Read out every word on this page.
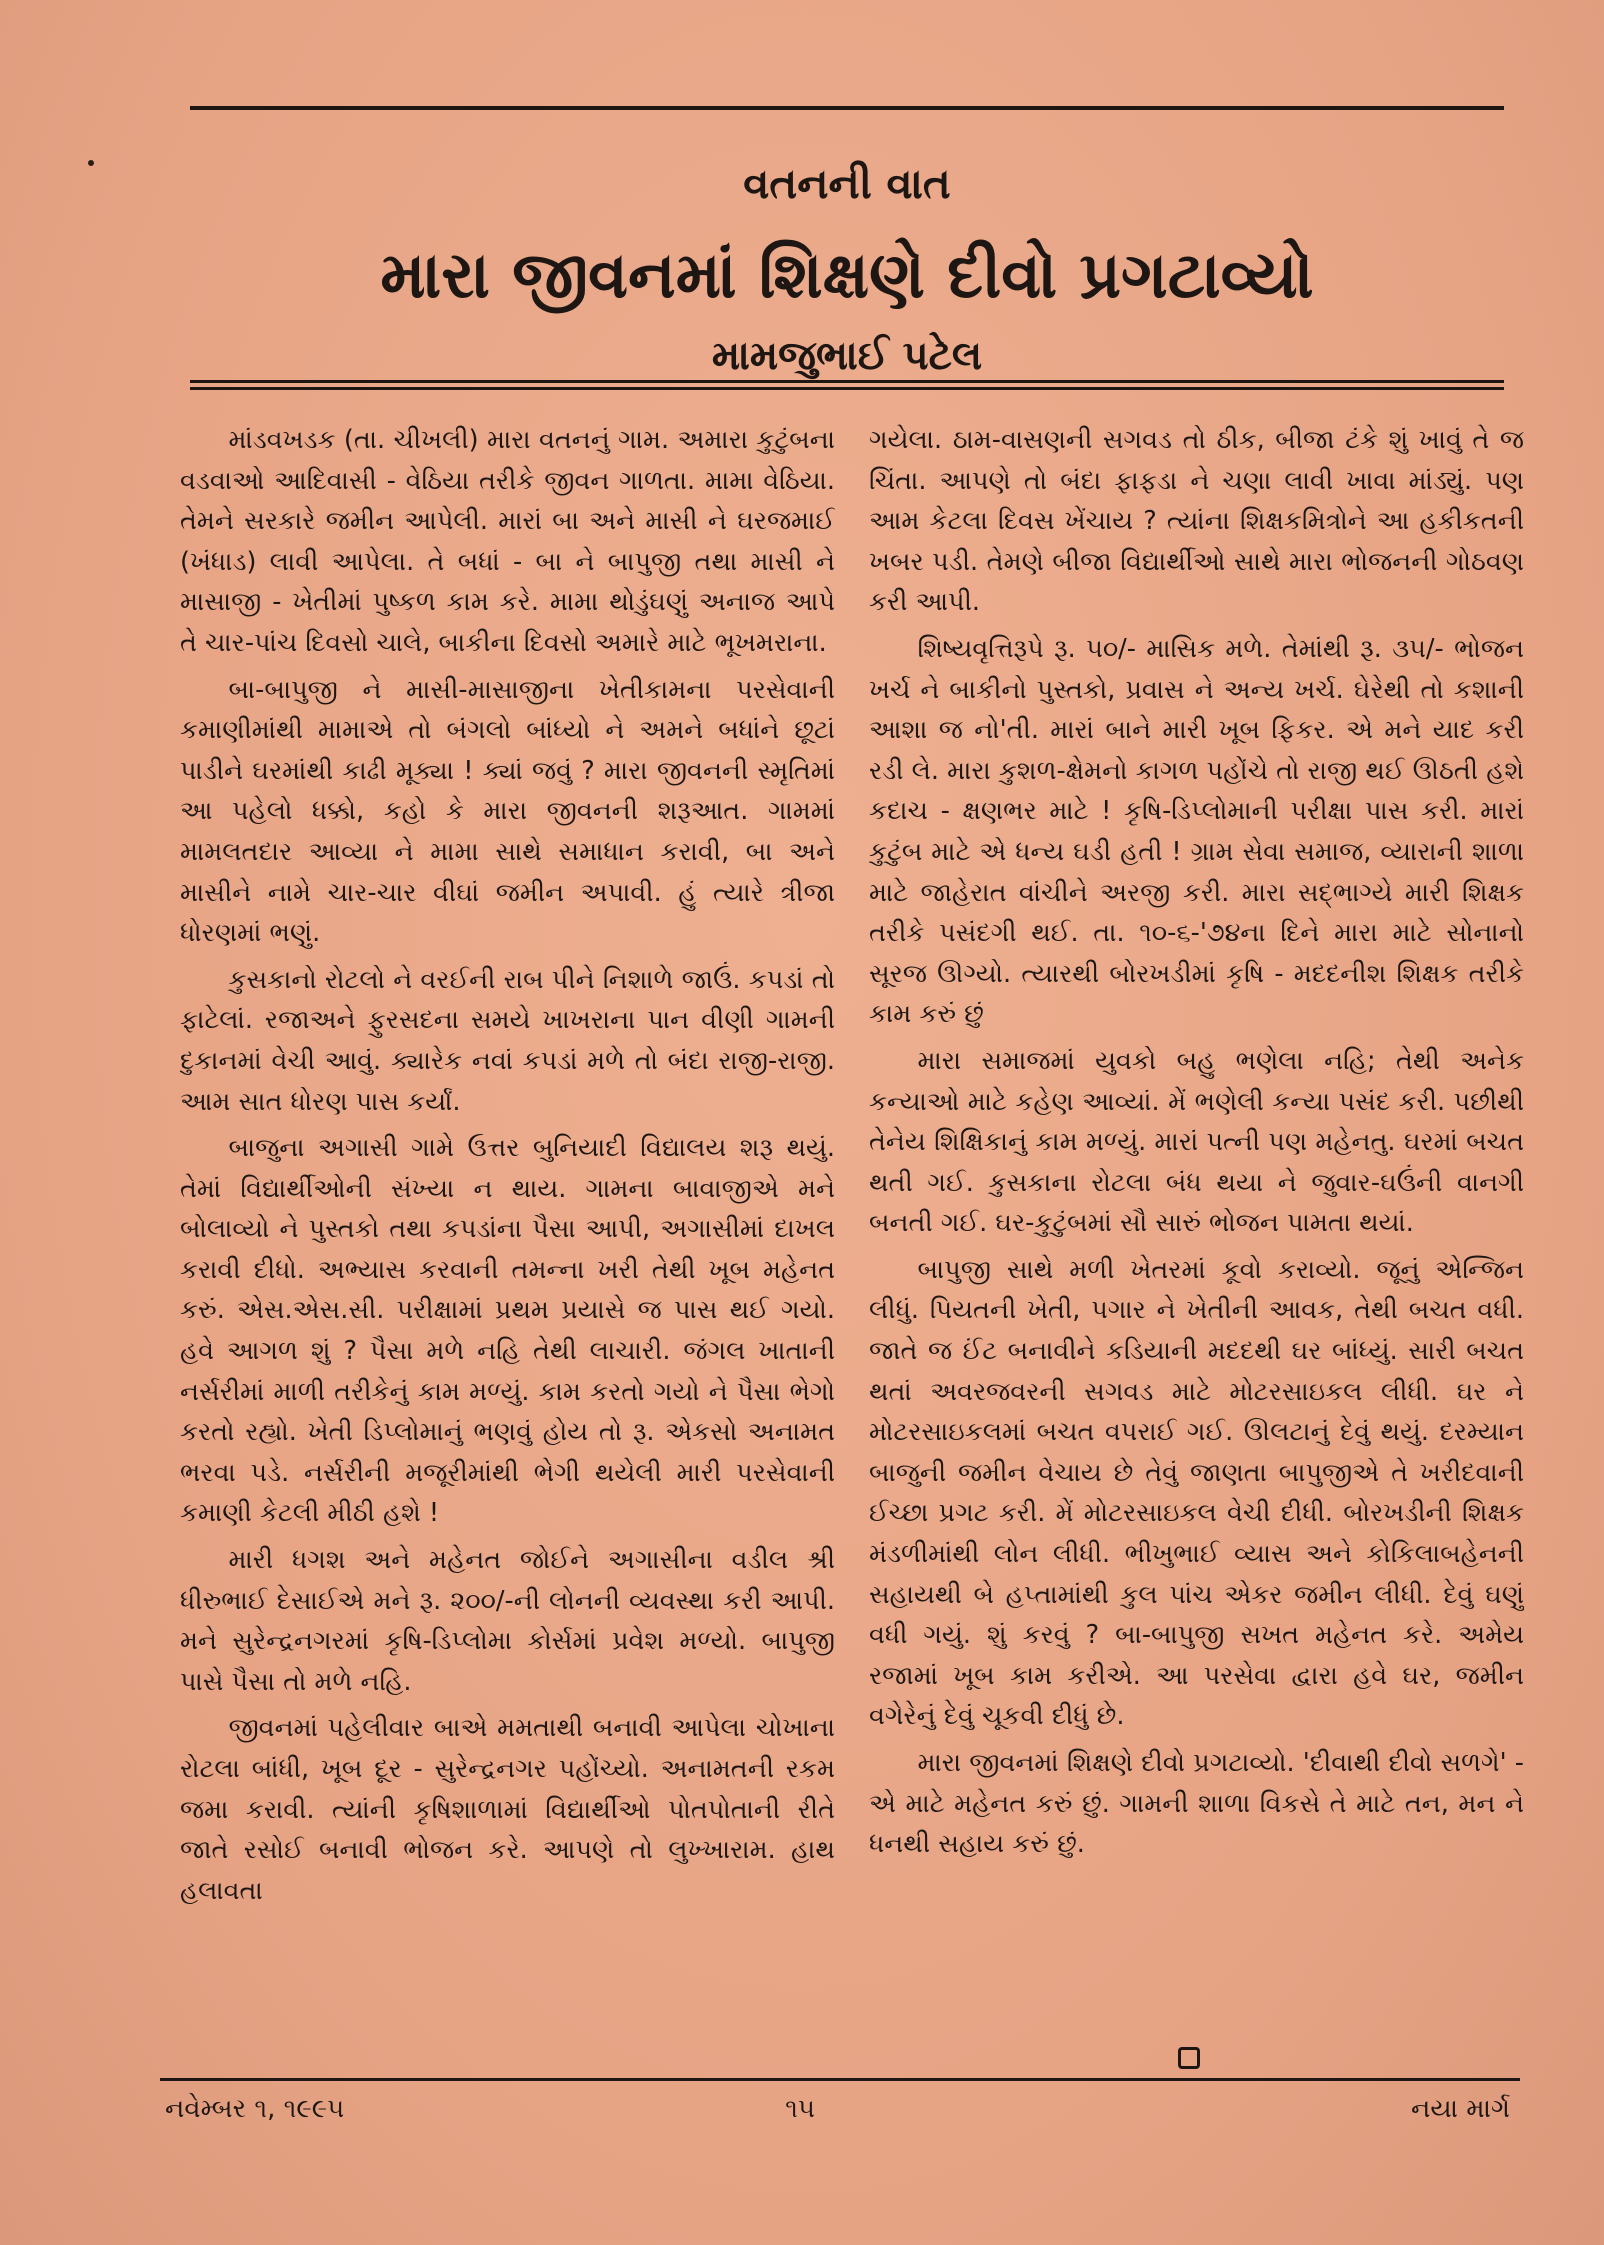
વતનની વાત
મારા જીવનમાં શિક્ષણે દીવો પ્રગટાવ્યો
મામજુભાઈ પટેલ

માંડવખડક (તા. ચીખલી) મારા વતનનું ગામ. અમારા કુટુંબના વડવાઓ આદિવાસી - વેઠિયા તરીકે જીવન ગાળતા. મામા વેઠિયા. તેમને સરકારે જમીન આપેલી. મારાં બા અને માસી ને ઘરજમાઈ (ખંધાડ) લાવી આપેલા. તે બધાં - બા ને બાપુજી તથા માસી ને માસાજી - ખેતીમાં પુષ્કળ કામ કરે. મામા થોડુંઘણું અનાજ આપે તે ચાર-પાંચ દિવસો ચાલે, બાકીના દિવસો અમારે માટે ભૂખમરાના.

બા-બાપુજી ને માસી-માસાજીના ખેતીકામના પરસેવાની કમાણીમાંથી મામાએ તો બંગલો બાંધ્યો ને અમને બધાંને છૂટાં પાડીને ઘરમાંથી કાઢી મૂક્યા ! ક્યાં જવું ? મારા જીવનની સ્મૃતિમાં આ પહેલો ધક્કો, કહો કે મારા જીવનની શરૂઆત. ગામમાં મામલતદાર આવ્યા ને મામા સાથે સમાધાન કરાવી, બા અને માસીને નામે ચાર-ચાર વીઘાં જમીન અપાવી. હું ત્યારે ત્રીજા ધોરણમાં ભણું.

કુસકાનો રોટલો ને વરઈની રાબ પીને નિશાળે જાઉં. કપડાં તો ફાટેલાં. રજાઅને ફુરસદના સમયે ખાખરાના પાન વીણી ગામની દુકાનમાં વેચી આવું. ક્યારેક નવાં કપડાં મળે તો બંદા રાજી-રાજી. આમ સાત ધોરણ પાસ કર્યાં.

બાજુના અગાસી ગામે ઉત્તર બુનિયાદી વિદ્યાલય શરૂ થયું. તેમાં વિદ્યાર્થીઓની સંખ્યા ન થાય. ગામના બાવાજીએ મને બોલાવ્યો ને પુસ્તકો તથા કપડાંના પૈસા આપી, અગાસીમાં દાખલ કરાવી દીધો. અભ્યાસ કરવાની તમન્ના ખરી તેથી ખૂબ મહેનત કરું. એસ.એસ.સી. પરીક્ષામાં પ્રથમ પ્રયાસે જ પાસ થઈ ગયો. હવે આગળ શું ? પૈસા મળે નહિ તેથી લાચારી. જંગલ ખાતાની નર્સરીમાં માળી તરીકેનું કામ મળ્યું. કામ કરતો ગયો ને પૈસા ભેગો કરતો રહ્યો. ખેતી ડિપ્લોમાનું ભણવું હોય તો રૂ. એકસો અનામત ભરવા પડે. નર્સરીની મજૂરીમાંથી ભેગી થયેલી મારી પરસેવાની કમાણી કેટલી મીઠી હશે !

મારી ધગશ અને મહેનત જોઈને અગાસીના વડીલ શ્રી ધીરુભાઈ દેસાઈએ મને રૂ. ૨૦૦/-ની લોનની વ્યવસ્થા કરી આપી. મને સુરેન્દ્રનગરમાં કૃષિ-ડિપ્લોમા કોર્સમાં પ્રવેશ મળ્યો. બાપુજી પાસે પૈસા તો મળે નહિ.

જીવનમાં પહેલીવાર બાએ મમતાથી બનાવી આપેલા ચોખાના રોટલા બાંધી, ખૂબ દૂર - સુરેન્દ્રનગર પહોંચ્યો. અનામતની રકમ જમા કરાવી. ત્યાંની કૃષિશાળામાં વિદ્યાર્થીઓ પોતપોતાની રીતે જાતે રસોઈ બનાવી ભોજન કરે. આપણે તો લુખ્ખારામ. હાથ હલાવતા

ગયેલા. ઠામ-વાસણની સગવડ તો ઠીક, બીજા ટંકે શું ખાવું તે જ ચિંતા. આપણે તો બંદા ફાફડા ને ચણા લાવી ખાવા માંડ્યું. પણ આમ કેટલા દિવસ ખેંચાય ? ત્યાંના શિક્ષકમિત્રોને આ હકીકતની ખબર પડી. તેમણે બીજા વિદ્યાર્થીઓ સાથે મારા ભોજનની ગોઠવણ કરી આપી.

શિષ્યવૃત્તિરૂપે રૂ. ૫૦/- માસિક મળે. તેમાંથી રૂ. ૩૫/- ભોજન ખર્ચ ને બાકીનો પુસ્તકો, પ્રવાસ ને અન્ય ખર્ચ. ઘેરેથી તો કશાની આશા જ નો'તી. મારાં બાને મારી ખૂબ ફિકર. એ મને યાદ કરી રડી લે. મારા કુશળ-ક્ષેમનો કાગળ પહોંચે તો રાજી થઈ ઊઠતી હશે કદાચ - ક્ષણભર માટે ! કૃષિ-ડિપ્લોમાની પરીક્ષા પાસ કરી. મારાં કુટુંબ માટે એ ધન્ય ઘડી હતી ! ગ્રામ સેવા સમાજ, વ્યારાની શાળા માટે જાહેરાત વાંચીને અરજી કરી. મારા સદ્ભાગ્યે મારી શિક્ષક તરીકે પસંદગી થઈ. તા. ૧૦-૬-'૭૪ના દિને મારા માટે સોનાનો સૂરજ ઊગ્યો. ત્યારથી બોરખડીમાં કૃષિ - મદદનીશ શિક્ષક તરીકે કામ કરું છું

મારા સમાજમાં યુવકો બહુ ભણેલા નહિ; તેથી અનેક કન્યાઓ માટે કહેણ આવ્યાં. મેં ભણેલી કન્યા પસંદ કરી. પછીથી તેનેય શિક્ષિકાનું કામ મળ્યું. મારાં પત્ની પણ મહેનતુ. ઘરમાં બચત થતી ગઈ. કુસકાના રોટલા બંધ થયા ને જુવાર-ઘઉંની વાનગી બનતી ગઈ. ઘર-કુટુંબમાં સૌ સારું ભોજન પામતા થયાં.

બાપુજી સાથે મળી ખેતરમાં કૂવો કરાવ્યો. જૂનું એન્જિન લીધું. પિયતની ખેતી, પગાર ને ખેતીની આવક, તેથી બચત વધી. જાતે જ ઈંટ બનાવીને કડિયાની મદદથી ઘર બાંધ્યું. સારી બચત થતાં અવરજવરની સગવડ માટે મોટરસાઇકલ લીધી. ઘર ને મોટરસાઇકલમાં બચત વપરાઈ ગઈ. ઊલટાનું દેવું થયું. દરમ્યાન બાજુની જમીન વેચાય છે તેવું જાણતા બાપુજીએ તે ખરીદવાની ઈચ્છા પ્રગટ કરી. મેં મોટરસાઇકલ વેચી દીધી. બોરખડીની શિક્ષક મંડળીમાંથી લોન લીધી. ભીખુભાઈ વ્યાસ અને કોકિલાબહેનની સહાયથી બે હપ્તામાંથી કુલ પાંચ એકર જમીન લીધી. દેવું ઘણું વધી ગયું. શું કરવું ? બા-બાપુજી સખત મહેનત કરે. અમેય રજામાં ખૂબ કામ કરીએ. આ પરસેવા દ્વારા હવે ઘર, જમીન વગેરેનું દેવું ચૂકવી દીધું છે.

મારા જીવનમાં શિક્ષણે દીવો પ્રગટાવ્યો. 'દીવાથી દીવો સળગે' - એ માટે મહેનત કરું છું. ગામની શાળા વિકસે તે માટે તન, મન ને ધનથી સહાય કરું છું.

નવેમ્બર ૧, ૧૯૯૫	૧૫	નયા માર્ગ
